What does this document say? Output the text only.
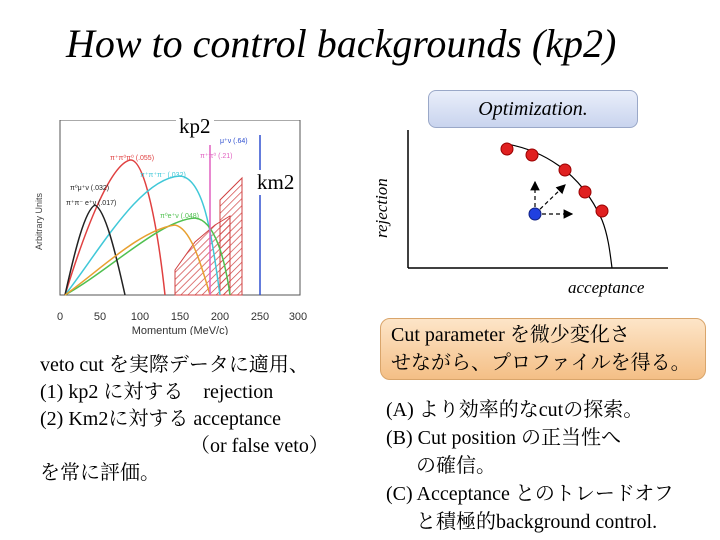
How to control backgrounds (kp2)
Arbitrary Units
π⁺π⁰π⁰ (.055)
π⁺π⁺π⁻ (.032)
π⁺π⁰ (.21)
μ⁺ν (.64)
π⁰e⁺ν (.048)
π⁰μ⁺ν (.032)
π⁺π⁻ e⁺ν (.017)
0	50 100 150 200 250 300
Momentum (MeV/c)
kp2
km2
Optimization.
rejection
acceptance
veto cut を実際データに適用、
(1) kp2 に対する　rejection
(2) Km2に対する acceptance
（or false veto）
を常に評価。
Cut parameter を微少変化さ
せながら、プロファイルを得る。
(A) より効率的なcutの探索。
(B) Cut position の正当性へ
の確信。
(C) Acceptance とのトレードオフ
と積極的background control.
